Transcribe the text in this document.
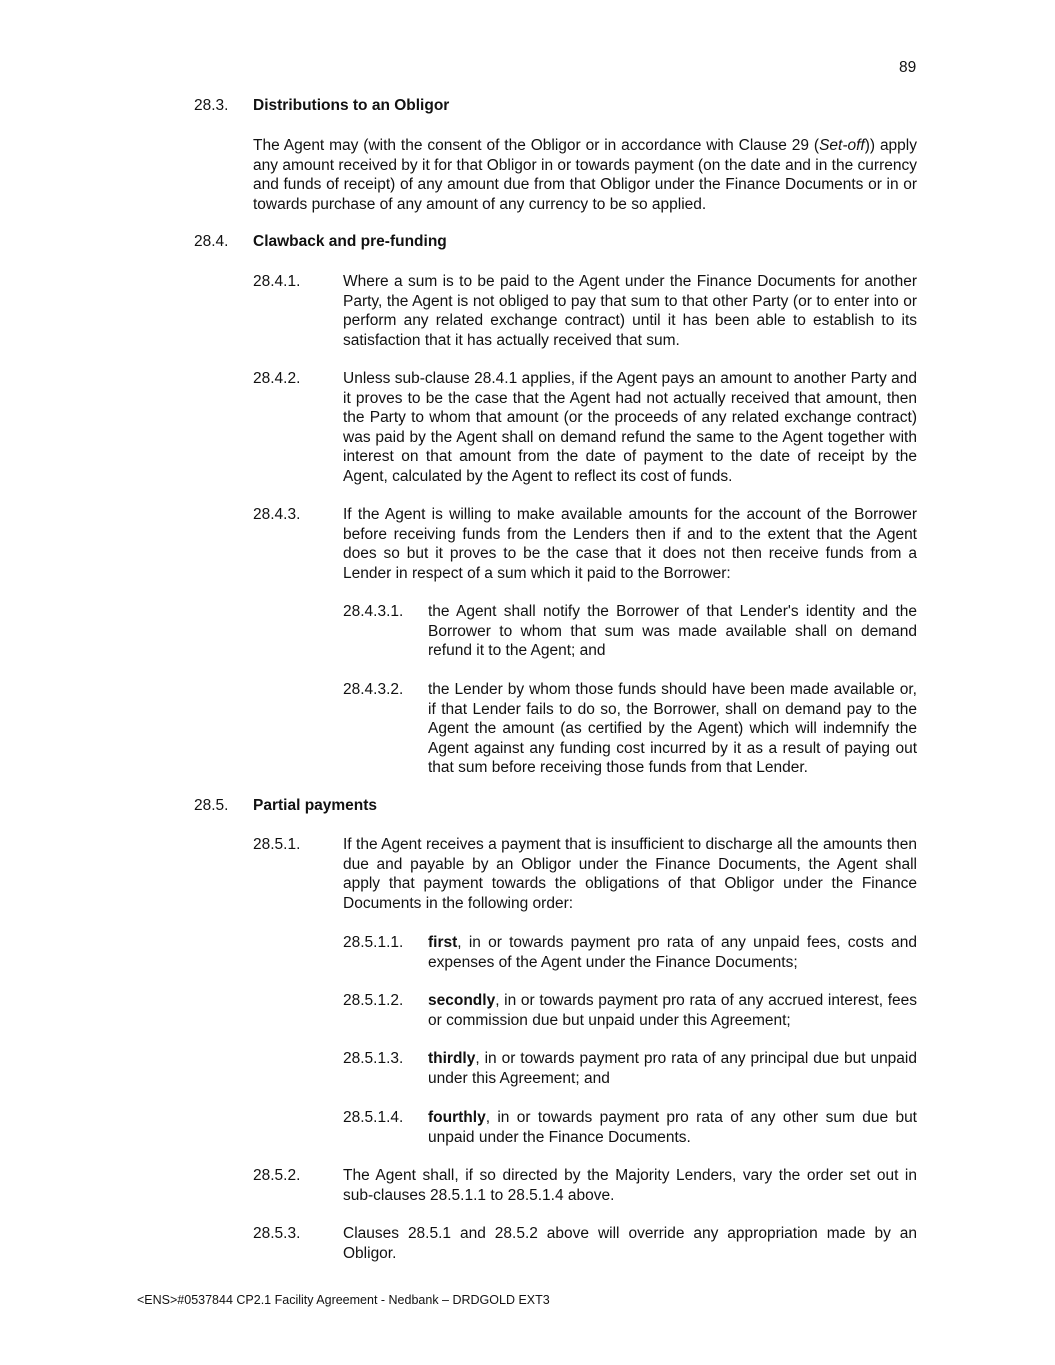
89
28.3. Distributions to an Obligor
The Agent may (with the consent of the Obligor or in accordance with Clause 29 (Set-off)) apply any amount received by it for that Obligor in or towards payment (on the date and in the currency and funds of receipt) of any amount due from that Obligor under the Finance Documents or in or towards purchase of any amount of any currency to be so applied.
28.4. Clawback and pre-funding
28.4.1.	Where a sum is to be paid to the Agent under the Finance Documents for another Party, the Agent is not obliged to pay that sum to that other Party (or to enter into or perform any related exchange contract) until it has been able to establish to its satisfaction that it has actually received that sum.
28.4.2.	Unless sub-clause 28.4.1 applies, if the Agent pays an amount to another Party and it proves to be the case that the Agent had not actually received that amount, then the Party to whom that amount (or the proceeds of any related exchange contract) was paid by the Agent shall on demand refund the same to the Agent together with interest on that amount from the date of payment to the date of receipt by the Agent, calculated by the Agent to reflect its cost of funds.
28.4.3.	If the Agent is willing to make available amounts for the account of the Borrower before receiving funds from the Lenders then if and to the extent that the Agent does so but it proves to be the case that it does not then receive funds from a Lender in respect of a sum which it paid to the Borrower:
28.4.3.1. the Agent shall notify the Borrower of that Lender's identity and the Borrower to whom that sum was made available shall on demand refund it to the Agent; and
28.4.3.2. the Lender by whom those funds should have been made available or, if that Lender fails to do so, the Borrower, shall on demand pay to the Agent the amount (as certified by the Agent) which will indemnify the Agent against any funding cost incurred by it as a result of paying out that sum before receiving those funds from that Lender.
28.5. Partial payments
28.5.1.	If the Agent receives a payment that is insufficient to discharge all the amounts then due and payable by an Obligor under the Finance Documents, the Agent shall apply that payment towards the obligations of that Obligor under the Finance Documents in the following order:
28.5.1.1. first, in or towards payment pro rata of any unpaid fees, costs and expenses of the Agent under the Finance Documents;
28.5.1.2. secondly, in or towards payment pro rata of any accrued interest, fees or commission due but unpaid under this Agreement;
28.5.1.3. thirdly, in or towards payment pro rata of any principal due but unpaid under this Agreement; and
28.5.1.4. fourthly, in or towards payment pro rata of any other sum due but unpaid under the Finance Documents.
28.5.2.	The Agent shall, if so directed by the Majority Lenders, vary the order set out in sub-clauses 28.5.1.1 to 28.5.1.4 above.
28.5.3.	Clauses 28.5.1 and 28.5.2 above will override any appropriation made by an Obligor.
<ENS>#0537844 CP2.1 Facility Agreement - Nedbank – DRDGOLD EXT3
